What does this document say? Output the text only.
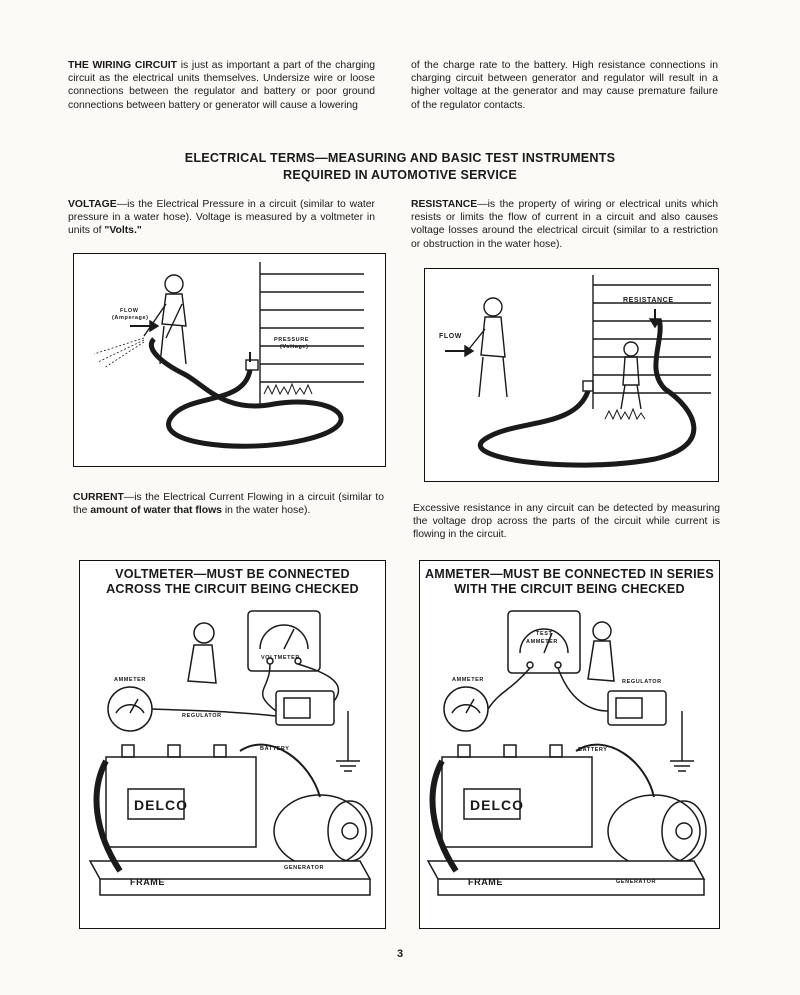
THE WIRING CIRCUIT is just as important a part of the charging circuit as the electrical units themselves. Undersize wire or loose connections between the regulator and battery or poor ground connections between battery or generator will cause a lowering
of the charge rate to the battery. High resistance connections in charging circuit between generator and regulator will result in a higher voltage at the generator and may cause premature failure of the regulator contacts.
ELECTRICAL TERMS—MEASURING AND BASIC TEST INSTRUMENTS
REQUIRED IN AUTOMOTIVE SERVICE
VOLTAGE—is the Electrical Pressure in a circuit (similar to water pressure in a water hose). Voltage is measured by a voltmeter in units of "Volts."
RESISTANCE—is the property of wiring or electrical units which resists or limits the flow of current in a circuit and also causes voltage losses around the electrical circuit (similar to a restriction or obstruction in the water hose).
FLOW
(Amperage)
PRESSURE
(Voltage)
FLOW
RESISTANCE
CURRENT—is the Electrical Current Flowing in a circuit (similar to the amount of water that flows in the water hose).	Excessive resistance in any circuit can be detected by measuring the voltage drop across the parts of the circuit while current is flowing in the circuit.
VOLTMETER—MUST BE CONNECTED
ACROSS THE CIRCUIT BEING CHECKED
VOLTMETER
AMMETER
REGULATOR
BATTERY
GENERATOR
FRAME
DELCO
AMMETER—MUST BE CONNECTED IN SERIES
WITH THE CIRCUIT BEING CHECKED
TEST
AMMETER
AMMETER	REGULATOR
BATTERY
GENERATOR
FRAME
DELCO
3
